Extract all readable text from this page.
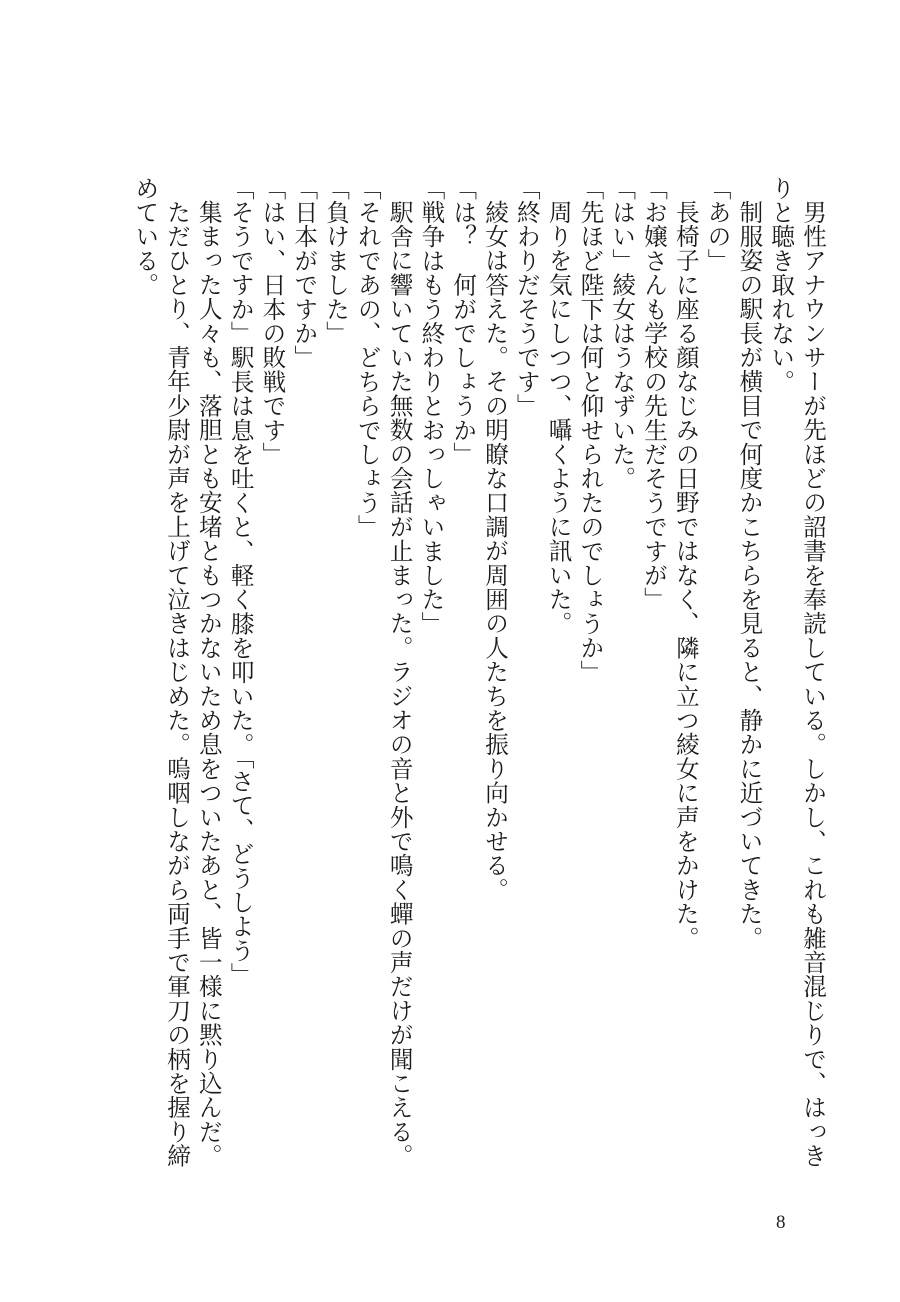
男性アナウンサーが先ほどの詔書を奉読している。しかし、これも雑音混じりで、はっきりと聴き取れない。

制服姿の駅長が横目で何度かこちらを見ると、静かに近づいてきた。

「あの」

長椅子に座る顔なじみの日野ではなく、隣に立つ綾女に声をかけた。

「お嬢さんも学校の先生だそうですが」

「はい」綾女はうなずいた。

「先ほど陛下は何と仰せられたのでしょうか」

周りを気にしつつ、囁くように訊いた。

「終わりだそうです」

綾女は答えた。その明瞭な口調が周囲の人たちを振り向かせる。

「は？　何がでしょうか」

「戦争はもう終わりとおっしゃいました」

駅舎に響いていた無数の会話が止まった。ラジオの音と外で鳴く蟬の声だけが聞こえる。

「それであの、どちらでしょう」

「負けました」

「日本がですか」

「はい、日本の敗戦です」

「そうですか」駅長は息を吐くと、軽く膝を叩いた。「さて、どうしよう」

集まった人々も、落胆とも安堵ともつかないため息をついたあと、皆一様に黙り込んだ。

ただひとり、青年少尉が声を上げて泣きはじめた。嗚咽しながら両手で軍刀の柄を握り締めている。

8
